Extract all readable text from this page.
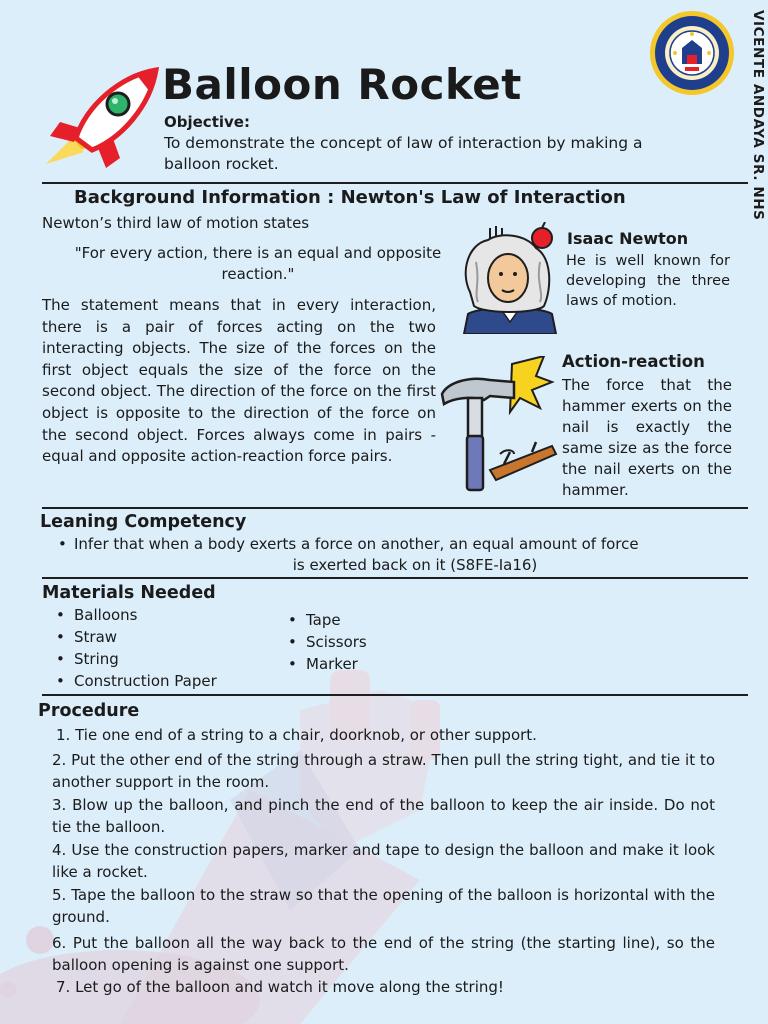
Balloon Rocket
Objective:
To demonstrate the concept of law of interaction by making a balloon rocket.	VICENTE ANDAYA SR. NHS
Background Information : Newton's Law of Interaction
Newton’s third law of motion states
"For every action, there is an equal and opposite reaction."
The statement means that in every interaction, there is a pair of forces acting on the two interacting objects. The size of the forces on the first object equals the size of the force on the second object. The direction of the force on the first object is opposite to the direction of the force on the second object. Forces always come in pairs - equal and opposite action-reaction force pairs.
Isaac Newton
He is well known for developing the three laws of motion.
Action-reaction
The force that the hammer exerts on the nail is exactly the same size as the force the nail exerts on the hammer.
Leaning Competency
• Infer that when a body exerts a force on another, an equal amount of force
is exerted back on it (S8FE-Ia16)
Materials Needed
• Balloons
• Straw
• String
• Construction Paper
• Tape
• Scissors
• Marker
Procedure
1. Tie one end of a string to a chair, doorknob, or other support.
2. Put the other end of the string through a straw. Then pull the string tight, and tie it to another support in the room.
3. Blow up the balloon, and pinch the end of the balloon to keep the air inside. Do not tie the balloon.
4. Use the construction papers, marker and tape to design the balloon and make it look like a rocket.
5. Tape the balloon to the straw so that the opening of the balloon is horizontal with the ground.
6. Put the balloon all the way back to the end of the string (the starting line), so the balloon opening is against one support.
7. Let go of the balloon and watch it move along the string!
